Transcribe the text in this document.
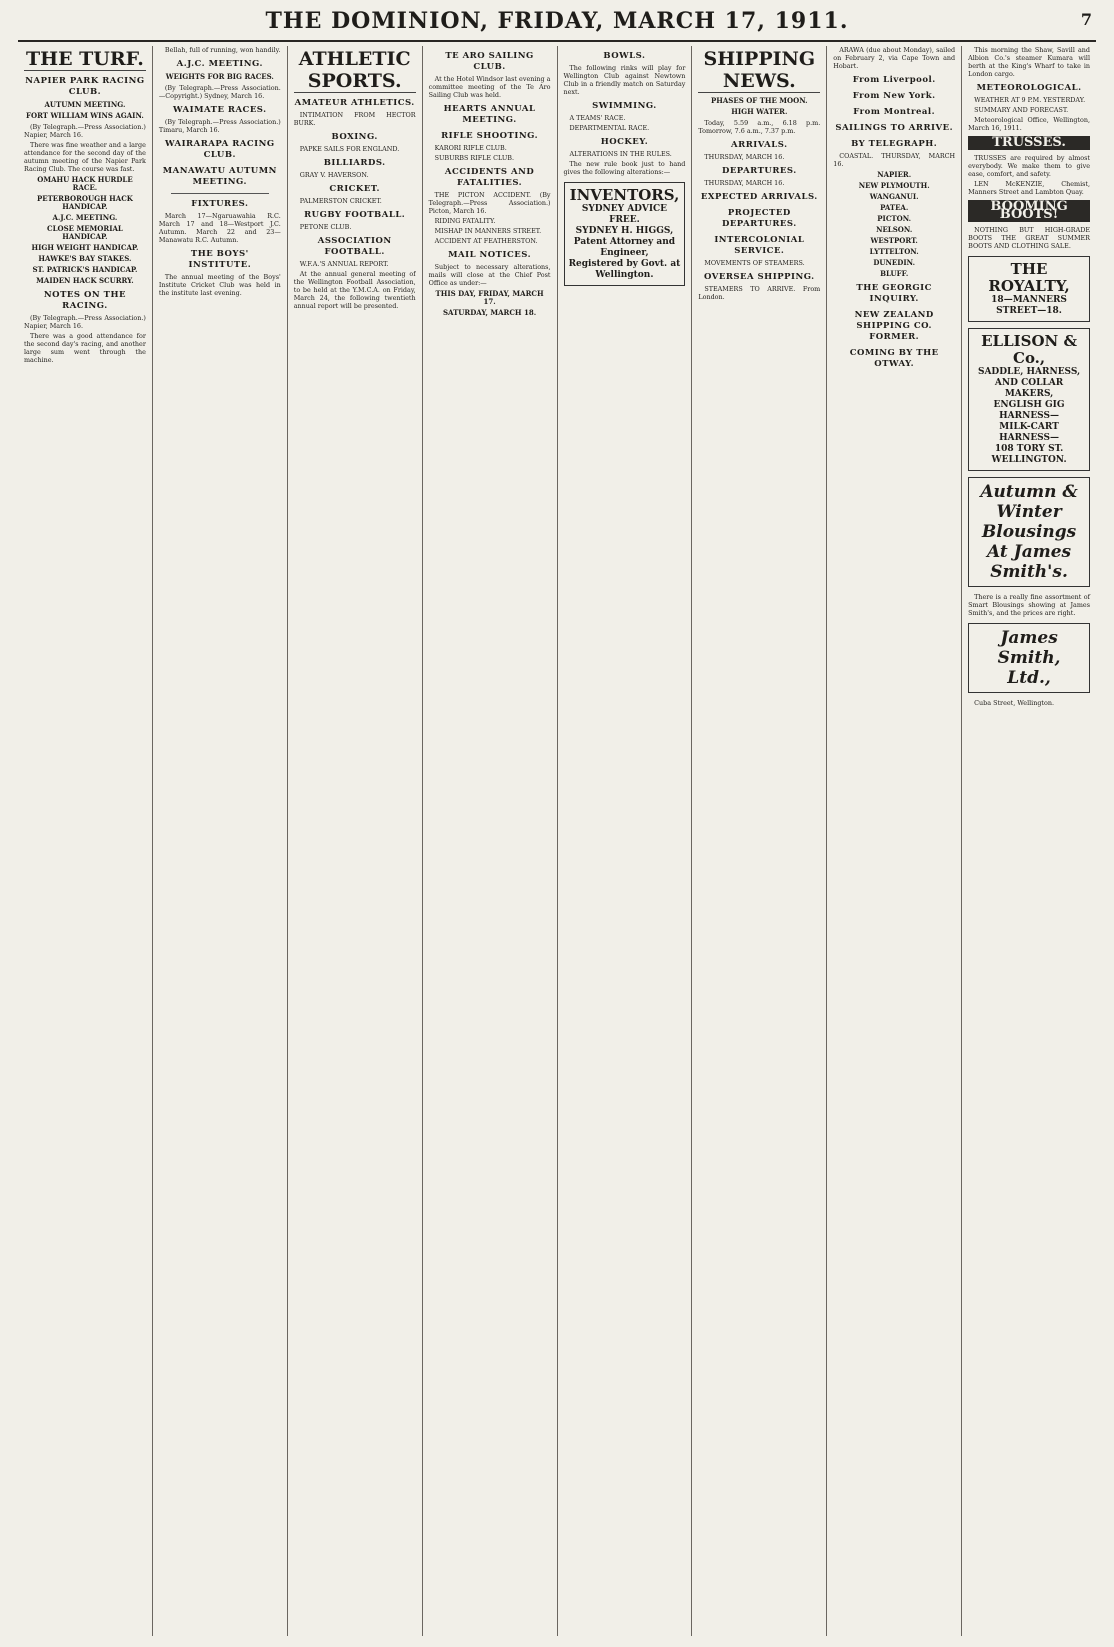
THE DOMINION, FRIDAY, MARCH 17, 1911.	7
THE TURF.
NAPIER PARK RACING CLUB.
AUTUMN MEETING.
FORT WILLIAM WINS AGAIN.
(By Telegraph.—Press Association.) Napier, March 16.
There was fine weather and a large attendance for the second day of the autumn meeting of the Napier Park Racing Club. The course was fast.
OMAHU HACK HURDLE RACE.
PETERBOROUGH HACK HANDICAP.
A.J.C. MEETING.
CLOSE MEMORIAL HANDICAP.
HIGH WEIGHT HANDICAP.
HAWKE'S BAY STAKES.
ST. PATRICK'S HANDICAP.
MAIDEN HACK SCURRY.
NOTES ON THE RACING.
(By Telegraph.—Press Association.) Napier, March 16.
There was a good attendance for the second day's racing, and another large sum went through the machine.
Bellah, full of running, won handily.
A.J.C. MEETING.
WEIGHTS FOR BIG RACES.
(By Telegraph.—Press Association.—Copyright.) Sydney, March 16.
WAIMATE RACES.
(By Telegraph.—Press Association.) Timaru, March 16.
WAIRARAPA RACING CLUB.
MANAWATU AUTUMN MEETING.
FIXTURES.
March 17—Ngaruawahia R.C. March 17 and 18—Westport J.C. Autumn. March 22 and 23—Manawatu R.C. Autumn.
THE BOYS' INSTITUTE.
The annual meeting of the Boys' Institute Cricket Club was held in the institute last evening.
ATHLETIC SPORTS.
AMATEUR ATHLETICS.
INTIMATION FROM HECTOR BURK.
BOXING.
PAPKE SAILS FOR ENGLAND.
BILLIARDS.
GRAY V. HAVERSON.
CRICKET.
PALMERSTON CRICKET.
RUGBY FOOTBALL.
PETONE CLUB.
ASSOCIATION FOOTBALL.
W.F.A.'S ANNUAL REPORT.
At the annual general meeting of the Wellington Football Association, to be held at the Y.M.C.A. on Friday, March 24, the following twentieth annual report will be presented.
TE ARO SAILING CLUB.
At the Hotel Windsor last evening a committee meeting of the Te Aro Sailing Club was held.
HEARTS ANNUAL MEETING.
RIFLE SHOOTING.
KARORI RIFLE CLUB.
SUBURBS RIFLE CLUB.
ACCIDENTS AND FATALITIES.
THE PICTON ACCIDENT. (By Telegraph.—Press Association.) Picton, March 16.
RIDING FATALITY.
MISHAP IN MANNERS STREET.
ACCIDENT AT FEATHERSTON.
MAIL NOTICES.
Subject to necessary alterations, mails will close at the Chief Post Office as under:—
THIS DAY, FRIDAY, MARCH 17.
SATURDAY, MARCH 18.
BOWLS.
The following rinks will play for Wellington Club against Newtown Club in a friendly match on Saturday next.
SWIMMING.
A TEAMS' RACE.
DEPARTMENTAL RACE.
HOCKEY.
ALTERATIONS IN THE RULES.
The new rule book just to hand gives the following alterations:—
INVENTORS,
SYDNEY ADVICE FREE.
SYDNEY H. HIGGS,
Patent Attorney and Engineer,
Registered by Govt. at Wellington.
SHIPPING NEWS.
PHASES OF THE MOON.
HIGH WATER.
Today, 5.59 a.m., 6.18 p.m. Tomorrow, 7.6 a.m., 7.37 p.m.
ARRIVALS.
THURSDAY, MARCH 16.
DEPARTURES.
THURSDAY, MARCH 16.
EXPECTED ARRIVALS.
PROJECTED DEPARTURES.
INTERCOLONIAL SERVICE.
MOVEMENTS OF STEAMERS.
OVERSEA SHIPPING.
STEAMERS TO ARRIVE. From London.
ARAWA (due about Monday), sailed on February 2, via Cape Town and Hobart.
From Liverpool.
From New York.
From Montreal.
SAILINGS TO ARRIVE.
BY TELEGRAPH.
COASTAL. THURSDAY, MARCH 16.
NAPIER.
NEW PLYMOUTH.
WANGANUI.
PATEA.
PICTON.
NELSON.
WESTPORT.
LYTTELTON.
DUNEDIN.
BLUFF.
THE GEORGIC INQUIRY.
NEW ZEALAND SHIPPING CO. FORMER.
COMING BY THE OTWAY.
This morning the Shaw, Savill and Albion Co.'s steamer Kumara will berth at the King's Wharf to take in London cargo.
METEOROLOGICAL.
WEATHER AT 9 P.M. YESTERDAY.
SUMMARY AND FORECAST.
Meteorological Office, Wellington, March 16, 1911.
TRUSSES.
TRUSSES are required by almost everybody. We make them to give ease, comfort, and safety.
LEN McKENZIE, Chemist, Manners Street and Lambton Quay.
BOOMING BOOTS!
NOTHING BUT HIGH-GRADE BOOTS THE GREAT SUMMER BOOTS AND CLOTHING SALE.
THE ROYALTY,
18—MANNERS STREET—18.
ELLISON & Co.,
SADDLE, HARNESS, AND COLLAR MAKERS,
ENGLISH GIG HARNESS—
MILK-CART HARNESS—
108 TORY ST.
WELLINGTON.
Autumn & Winter Blousings At James Smith's.
There is a really fine assortment of Smart Blousings showing at James Smith's, and the prices are right.
James Smith, Ltd.,
Cuba Street, Wellington.
